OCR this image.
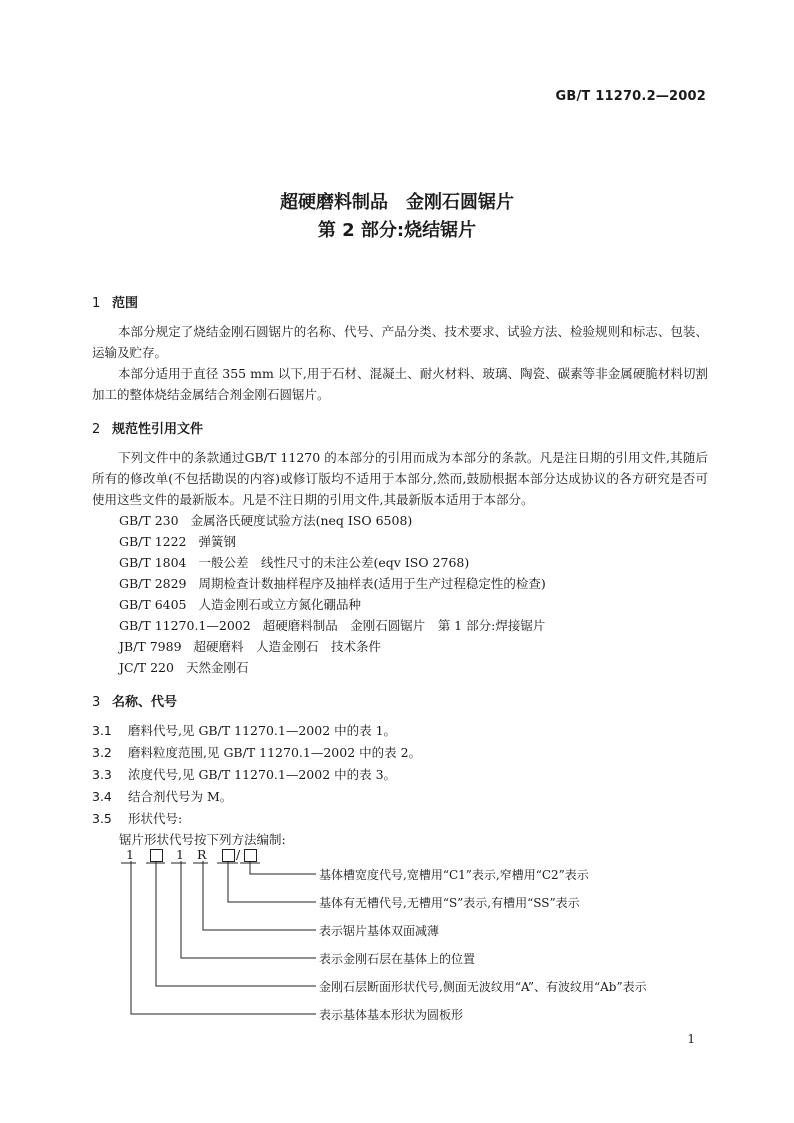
GB/T 11270.2—2002
超硬磨料制品　金刚石圆锯片
第 2 部分:烧结锯片
1 范围
本部分规定了烧结金刚石圆锯片的名称、代号、产品分类、技术要求、试验方法、检验规则和标志、包装、运输及贮存。
本部分适用于直径 355 mm 以下,用于石材、混凝土、耐火材料、玻璃、陶瓷、碳素等非金属硬脆材料切割加工的整体烧结金属结合剂金刚石圆锯片。
2 规范性引用文件
下列文件中的条款通过GB/T 11270 的本部分的引用而成为本部分的条款。凡是注日期的引用文件,其随后所有的修改单(不包括勘误的内容)或修订版均不适用于本部分,然而,鼓励根据本部分达成协议的各方研究是否可使用这些文件的最新版本。凡是不注日期的引用文件,其最新版本适用于本部分。
GB/T 230 金属洛氏硬度试验方法(neq ISO 6508)
GB/T 1222 弹簧钢
GB/T 1804 一般公差　线性尺寸的未注公差(eqv ISO 2768)
GB/T 2829 周期检查计数抽样程序及抽样表(适用于生产过程稳定性的检查)
GB/T 6405 人造金刚石或立方氮化硼品种
GB/T 11270.1—2002 超硬磨料制品　金刚石圆锯片　第 1 部分:焊接锯片
JB/T 7989 超硬磨料　人造金刚石　技术条件
JC/T 220 天然金刚石
3 名称、代号
3.1 磨料代号,见 GB/T 11270.1—2002 中的表 1。
3.2 磨料粒度范围,见 GB/T 11270.1—2002 中的表 2。
3.3 浓度代号,见 GB/T 11270.1—2002 中的表 3。
3.4 结合剂代号为 M。
3.5 形状代号:
锯片形状代号按下列方法编制:
1	1 R /
基体槽宽度代号,宽槽用“C1”表示,窄槽用“C2”表示
基体有无槽代号,无槽用“S”表示,有槽用“SS”表示
表示锯片基体双面减薄
表示金刚石层在基体上的位置
金刚石层断面形状代号,侧面无波纹用“A”、有波纹用“Ab”表示
表示基体基本形状为圆板形
1
